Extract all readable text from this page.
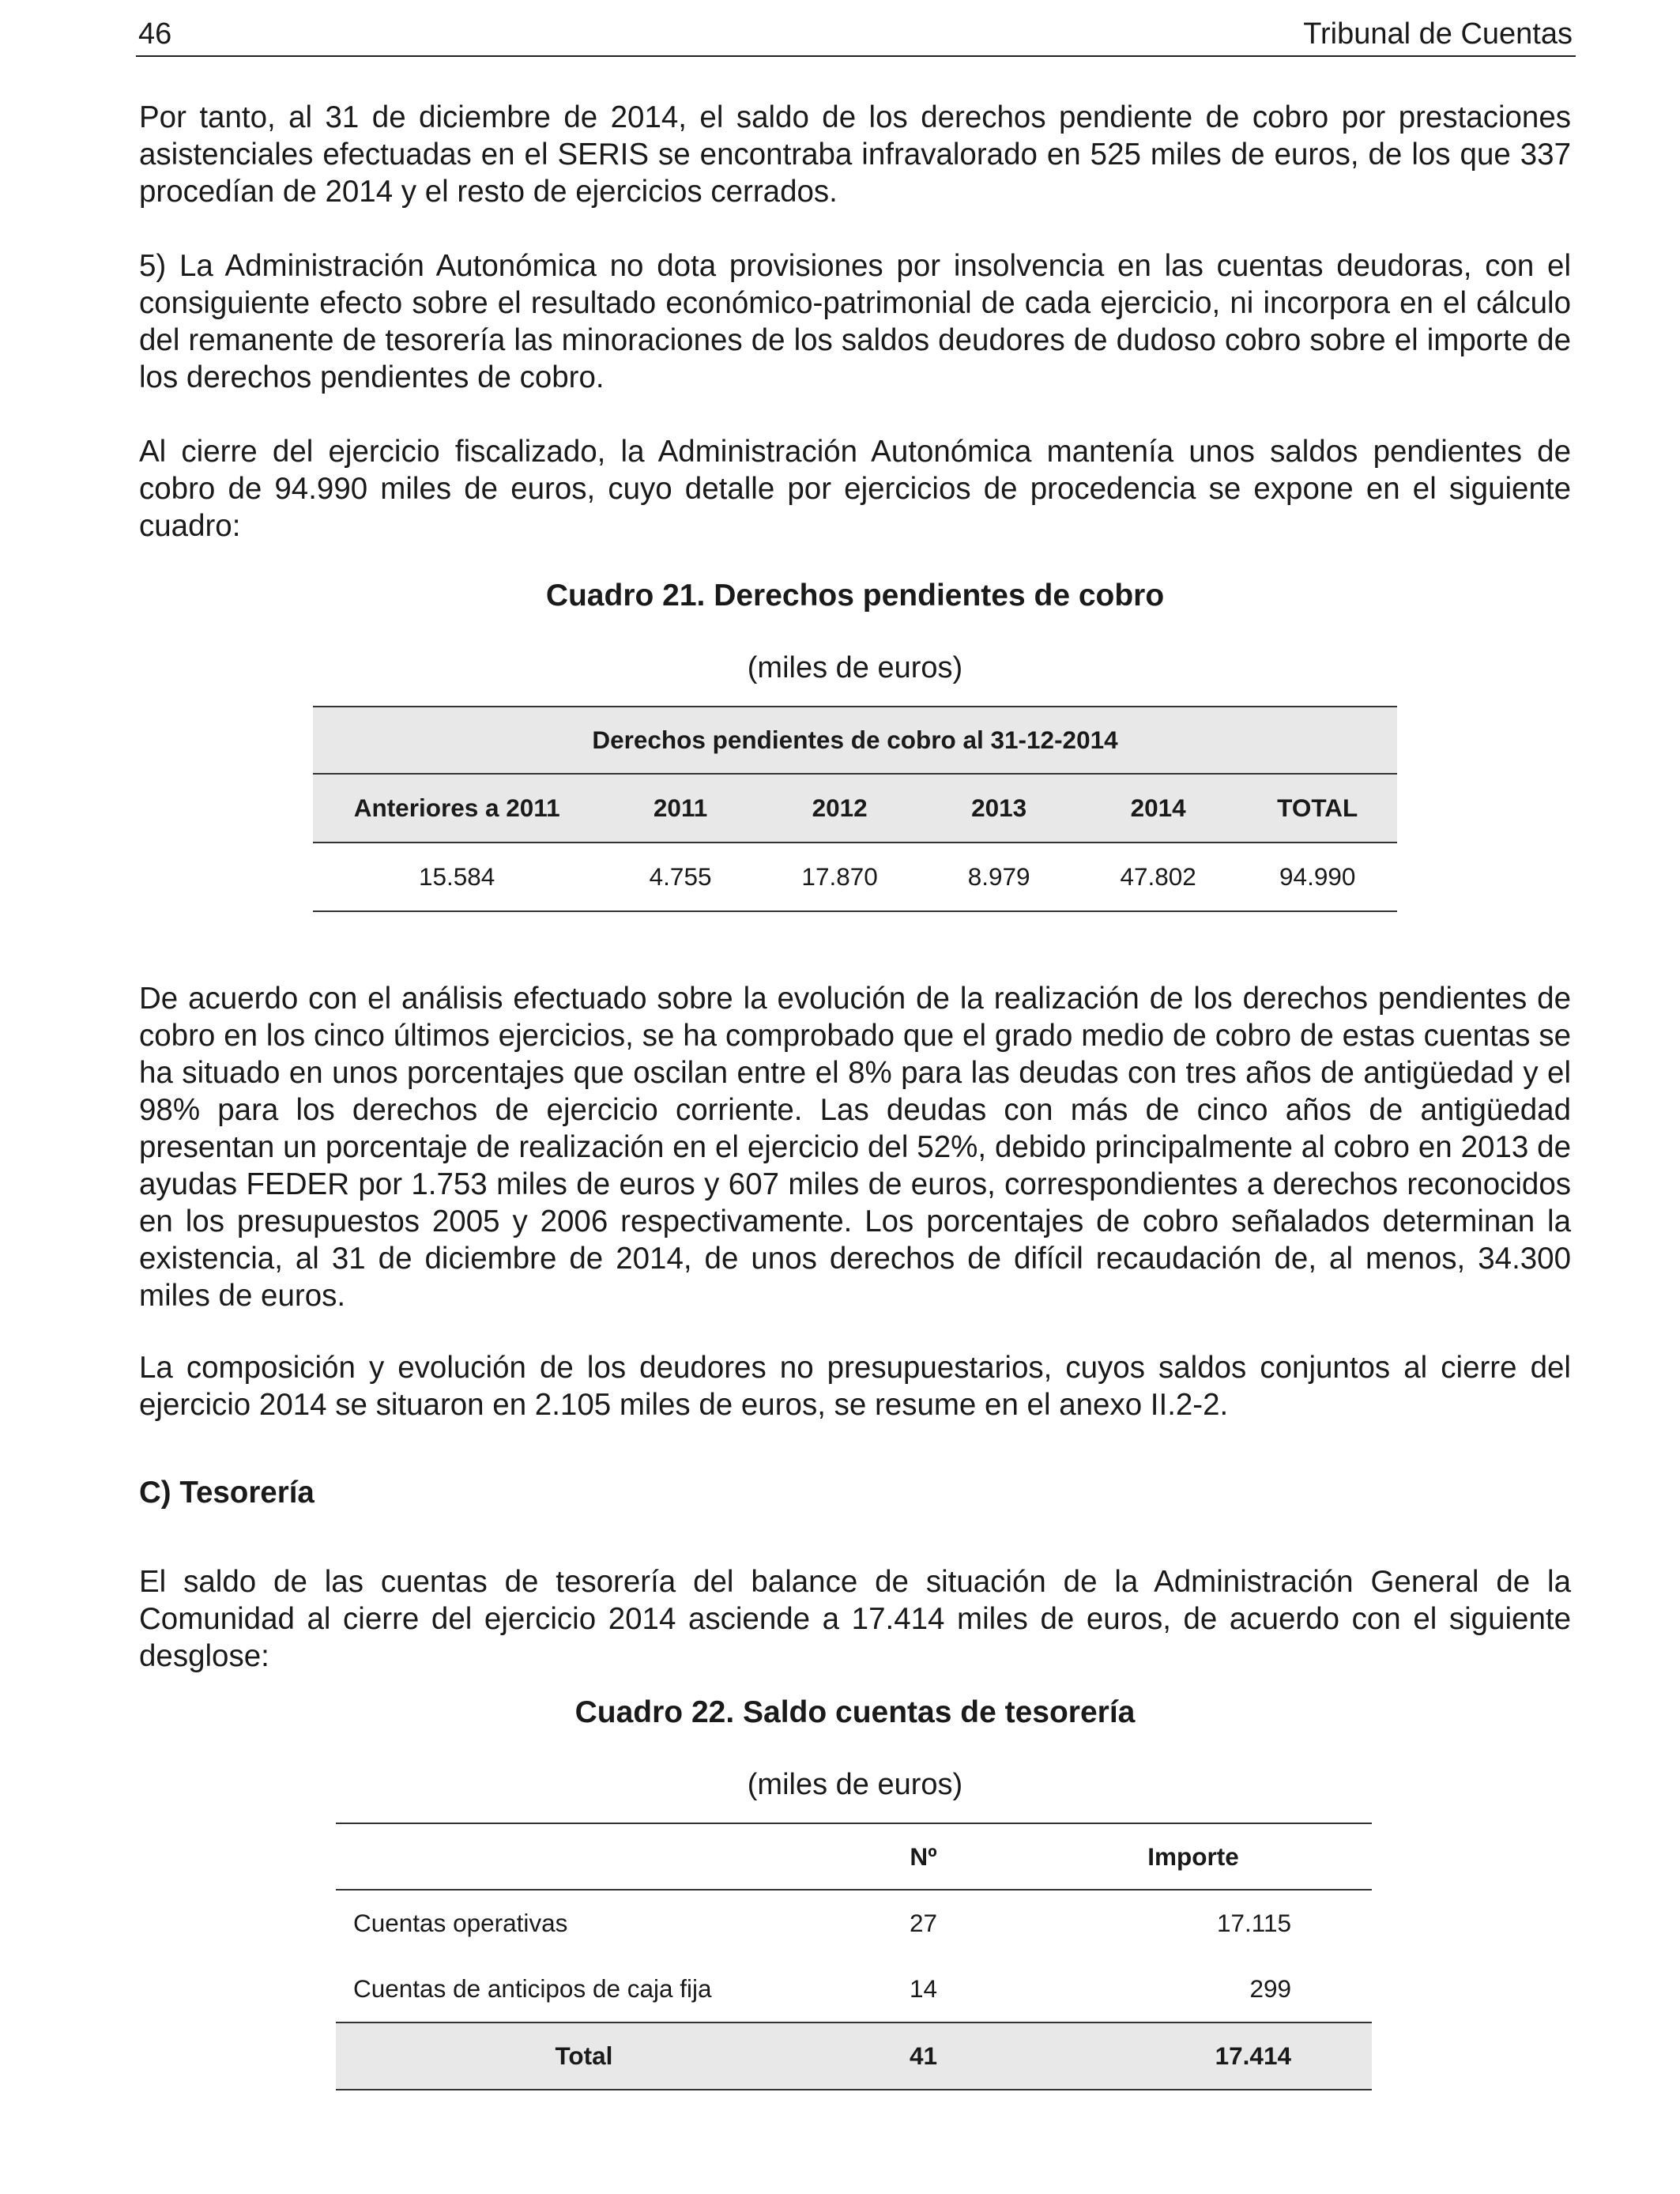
46	Tribunal de Cuentas
Por tanto, al 31 de diciembre de 2014, el saldo de los derechos pendiente de cobro por prestaciones asistenciales efectuadas en el SERIS se encontraba infravalorado en 525 miles de euros, de los que 337 procedían de 2014 y el resto de ejercicios cerrados.
5) La Administración Autonómica no dota provisiones por insolvencia en las cuentas deudoras, con el consiguiente efecto sobre el resultado económico-patrimonial de cada ejercicio, ni incorpora en el cálculo del remanente de tesorería las minoraciones de los saldos deudores de dudoso cobro sobre el importe de los derechos pendientes de cobro.
Al cierre del ejercicio fiscalizado, la Administración Autonómica mantenía unos saldos pendientes de cobro de 94.990 miles de euros, cuyo detalle por ejercicios de procedencia se expone en el siguiente cuadro:
Cuadro 21. Derechos pendientes de cobro
(miles de euros)
Derechos pendientes de cobro al 31-12-2014					
Anteriores a 2011	2011	2012	2013	2014	TOTAL
15.584	4.755	17.870	8.979	47.802	94.990
De acuerdo con el análisis efectuado sobre la evolución de la realización de los derechos pendientes de cobro en los cinco últimos ejercicios, se ha comprobado que el grado medio de cobro de estas cuentas se ha situado en unos porcentajes que oscilan entre el 8% para las deudas con tres años de antigüedad y el 98% para los derechos de ejercicio corriente. Las deudas con más de cinco años de antigüedad presentan un porcentaje de realización en el ejercicio del 52%, debido principalmente al cobro en 2013 de ayudas FEDER por 1.753 miles de euros y 607 miles de euros, correspondientes a derechos reconocidos en los presupuestos 2005 y 2006 respectivamente. Los porcentajes de cobro señalados determinan la existencia, al 31 de diciembre de 2014, de unos derechos de difícil recaudación de, al menos, 34.300 miles de euros.
La composición y evolución de los deudores no presupuestarios, cuyos saldos conjuntos al cierre del ejercicio 2014 se situaron en 2.105 miles de euros, se resume en el anexo II.2-2.
C) Tesorería
El saldo de las cuentas de tesorería del balance de situación de la Administración General de la Comunidad al cierre del ejercicio 2014 asciende a 17.414 miles de euros, de acuerdo con el siguiente desglose:
Cuadro 22. Saldo cuentas de tesorería
(miles de euros)
	Nº	Importe
Cuentas operativas	27	17.115
Cuentas de anticipos de caja fija	14	299
Total	41	17.414
